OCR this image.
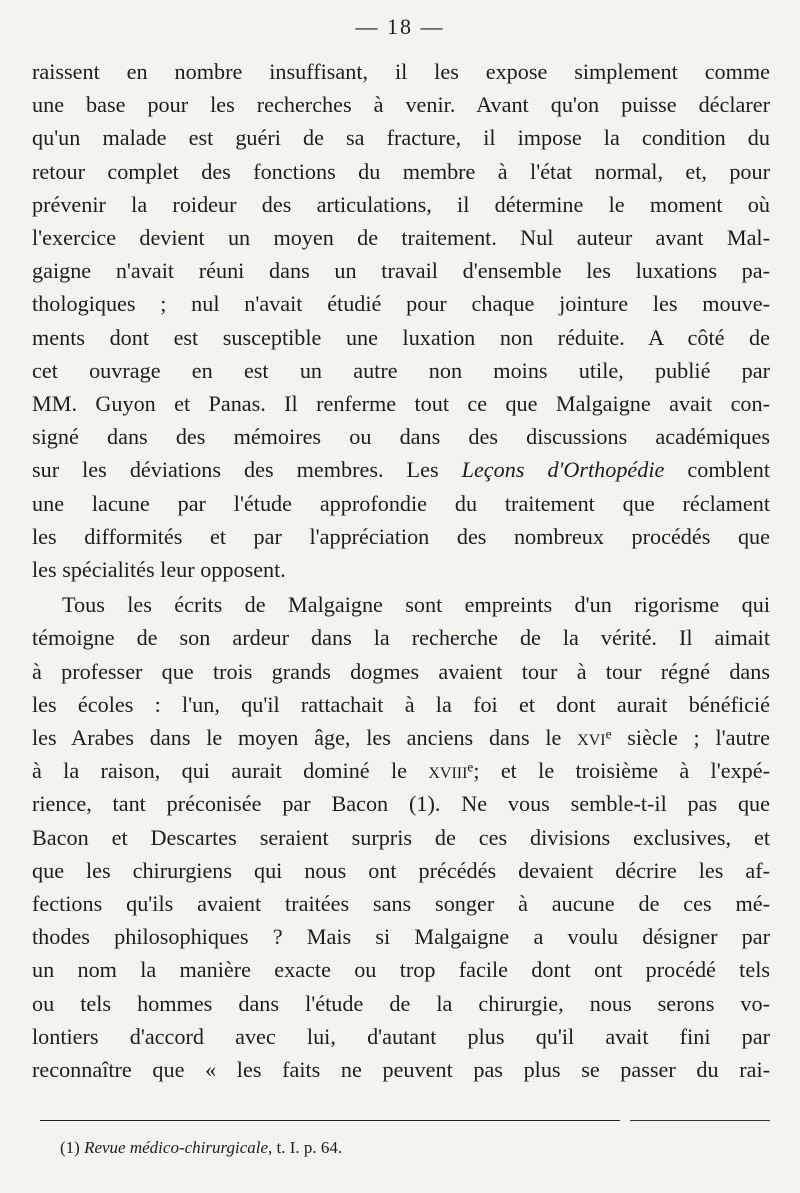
— 18 —
raissent en nombre insuffisant, il les expose simplement comme
une base pour les recherches à venir. Avant qu'on puisse déclarer
qu'un malade est guéri de sa fracture, il impose la condition du
retour complet des fonctions du membre à l'état normal, et, pour
prévenir la roideur des articulations, il détermine le moment où
l'exercice devient un moyen de traitement. Nul auteur avant Mal-
gaigne n'avait réuni dans un travail d'ensemble les luxations pa-
thologiques ; nul n'avait étudié pour chaque jointure les mouve-
ments dont est susceptible une luxation non réduite. A côté de
cet ouvrage en est un autre non moins utile, publié par
MM. Guyon et Panas. Il renferme tout ce que Malgaigne avait con-
signé dans des mémoires ou dans des discussions académiques
sur les déviations des membres. Les Leçons d'Orthopédie comblent
une lacune par l'étude approfondie du traitement que réclament
les difformités et par l'appréciation des nombreux procédés que
les spécialités leur opposent.
Tous les écrits de Malgaigne sont empreints d'un rigorisme qui
témoigne de son ardeur dans la recherche de la vérité. Il aimait
à professer que trois grands dogmes avaient tour à tour régné dans
les écoles : l'un, qu'il rattachait à la foi et dont aurait bénéficié
les Arabes dans le moyen âge, les anciens dans le xvi$^e$ siècle ; l'autre
à la raison, qui aurait dominé le xviii$^e$; et le troisième à l'expé-
rience, tant préconisée par Bacon (1). Ne vous semble-t-il pas que
Bacon et Descartes seraient surpris de ces divisions exclusives, et
que les chirurgiens qui nous ont précédés devaient décrire les af-
fections qu'ils avaient traitées sans songer à aucune de ces mé-
thodes philosophiques ? Mais si Malgaigne a voulu désigner par
un nom la manière exacte ou trop facile dont ont procédé tels
ou tels hommes dans l'étude de la chirurgie, nous serons vo-
lontiers d'accord avec lui, d'autant plus qu'il avait fini par
reconnaître que « les faits ne peuvent pas plus se passer du rai-
(1) Revue médico-chirurgicale, t. I. p. 64.
